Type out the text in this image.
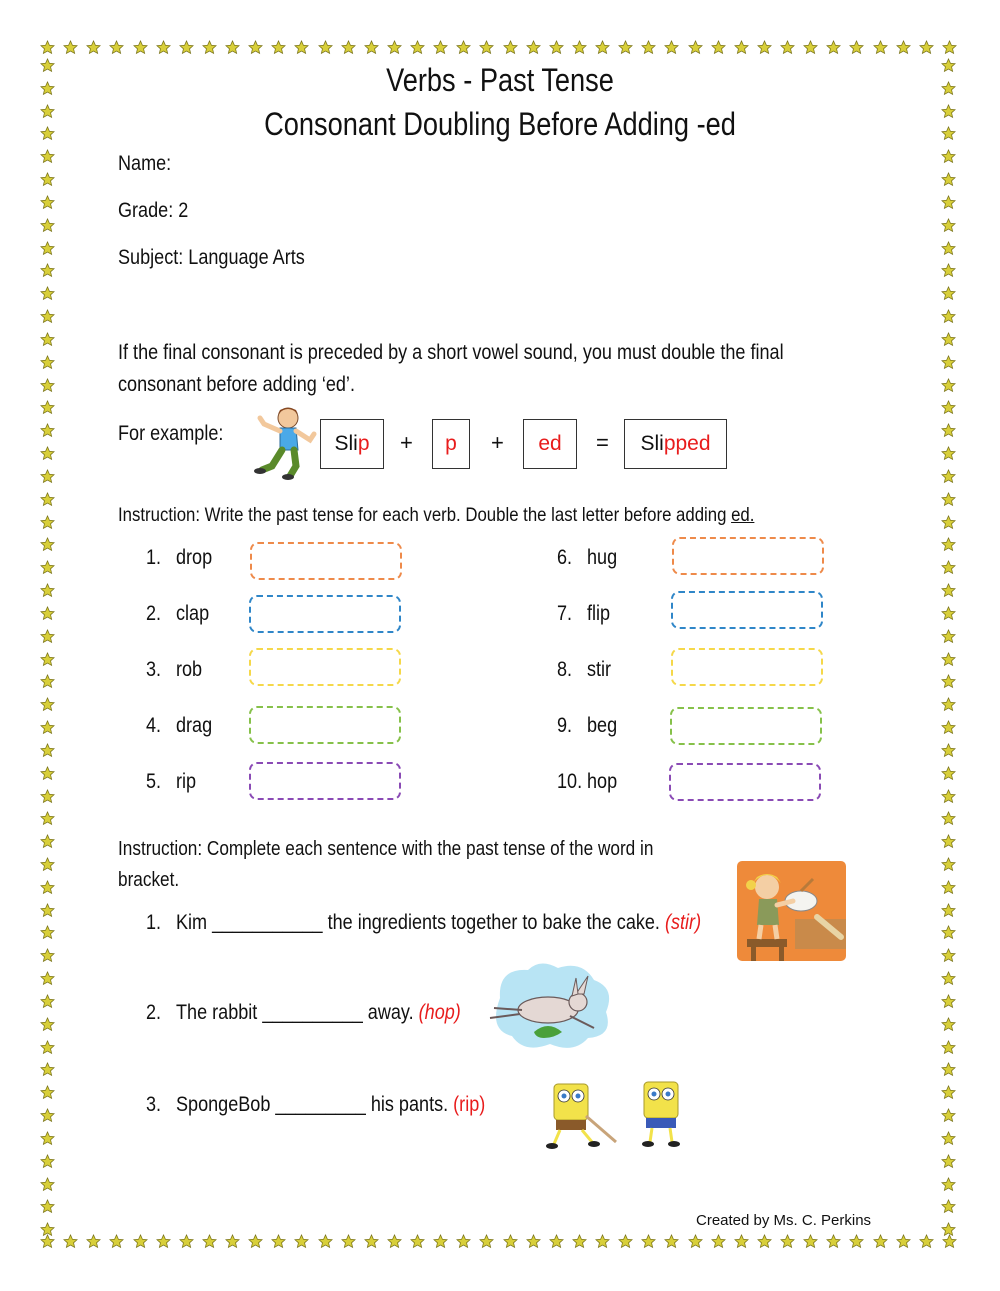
Verbs - Past Tense
Consonant Doubling Before Adding -ed
Name:
Grade: 2
Subject: Language Arts
If the final consonant is preceded by a short vowel sound, you must double the final
consonant before adding ‘ed’.
For example:	Sli p + p + ed = Sli pped
Instruction: Write the past tense for each verb. Double the last letter before adding ed.
1. drop
2. clap
3. rob
4. drag
5. rip
6. hug
7. flip
8. stir
9. beg
10. hop
Instruction: Complete each sentence with the past tense of the word in
bracket.
1. Kim ___________ the ingredients together to bake the cake. (stir)
2. The rabbit __________ away. (hop)
3. SpongeBob _________ his pants. (rip)
Created by Ms. C. Perkins
